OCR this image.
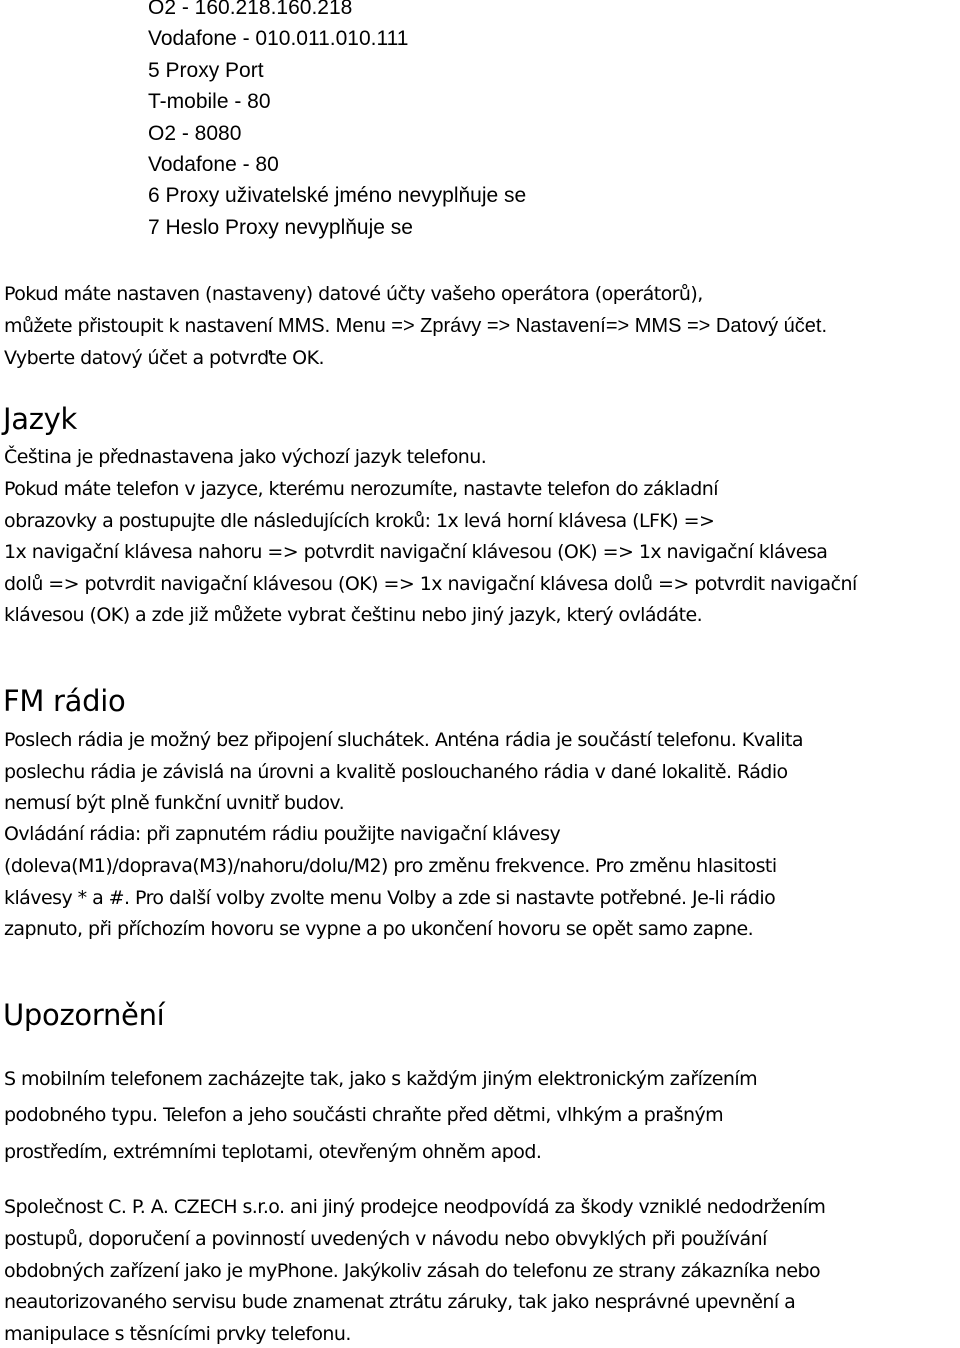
O2 - 160.218.160.218
Vodafone - 010.011.010.111
5 Proxy Port
T-mobile - 80
O2 - 8080
Vodafone - 80
6 Proxy uživatelské jméno nevyplňuje se
7 Heslo Proxy nevyplňuje se
Pokud máte nastaven (nastaveny) datové účty vašeho operátora (operátorů),
můžete přistoupit k nastavení MMS. Menu => Zprávy => Nastavení=> MMS => Datový účet.
Vyberte datový účet a potvrďte OK.
Jazyk
Čeština je přednastavena jako výchozí jazyk telefonu.
Pokud máte telefon v jazyce, kterému nerozumíte, nastavte telefon do základní
obrazovky a postupujte dle následujících kroků: 1x levá horní klávesa (LFK) =>
1x navigační klávesa nahoru => potvrdit navigační klávesou (OK) => 1x navigační klávesa
dolů => potvrdit navigační klávesou (OK) => 1x navigační klávesa dolů => potvrdit navigační
klávesou (OK) a zde již můžete vybrat češtinu nebo jiný jazyk, který ovládáte.
FM rádio
Poslech rádia je možný bez připojení sluchátek. Anténa rádia je součástí telefonu. Kvalita
poslechu rádia je závislá na úrovni a kvalitě poslouchaného rádia v dané lokalitě. Rádio
nemusí být plně funkční uvnitř budov.
Ovládání rádia: při zapnutém rádiu použijte navigační klávesy
(doleva(M1)/doprava(M3)/nahoru/dolu/M2) pro změnu frekvence. Pro změnu hlasitosti
klávesy * a #. Pro další volby zvolte menu Volby a zde si nastavte potřebné. Je-li rádio
zapnuto, při příchozím hovoru se vypne a po ukončení hovoru se opět samo zapne.
Upozornění
S mobilním telefonem zacházejte tak, jako s každým jiným elektronickým zařízením
podobného typu. Telefon a jeho součásti chraňte před dětmi, vlhkým a prašným
prostředím, extrémními teplotami, otevřeným ohněm apod.
Společnost C. P. A. CZECH s.r.o. ani jiný prodejce neodpovídá za škody vzniklé nedodržením
postupů, doporučení a povinností uvedených v návodu nebo obvyklých při používání
obdobných zařízení jako je myPhone. Jakýkoliv zásah do telefonu ze strany zákazníka nebo
neautorizovaného servisu bude znamenat ztrátu záruky, tak jako nesprávné upevnění a
manipulace s těsnícími prvky telefonu.
